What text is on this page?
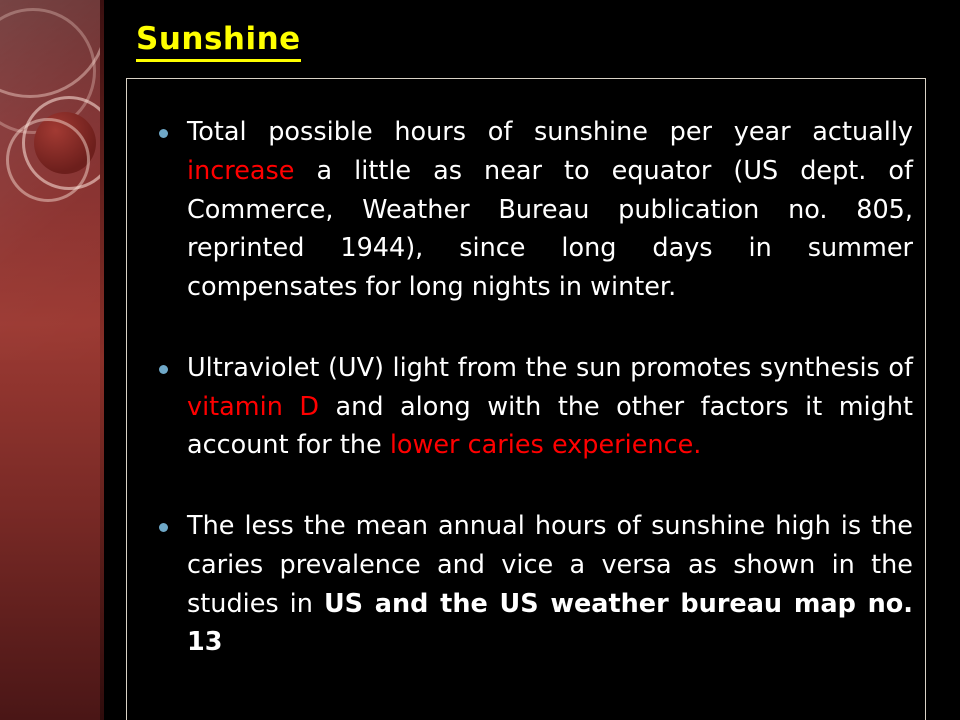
Sunshine
Total possible hours of sunshine per year actually increase a little as near to equator (US dept. of Commerce, Weather Bureau publication no. 805, reprinted 1944), since long days in summer compensates for long nights in winter.
Ultraviolet (UV) light from the sun promotes synthesis of vitamin D and along with the other factors it might account for the lower caries experience.
The less the mean annual hours of sunshine high is the caries prevalence and vice a versa as shown in the studies in US and the US weather bureau map no. 13
